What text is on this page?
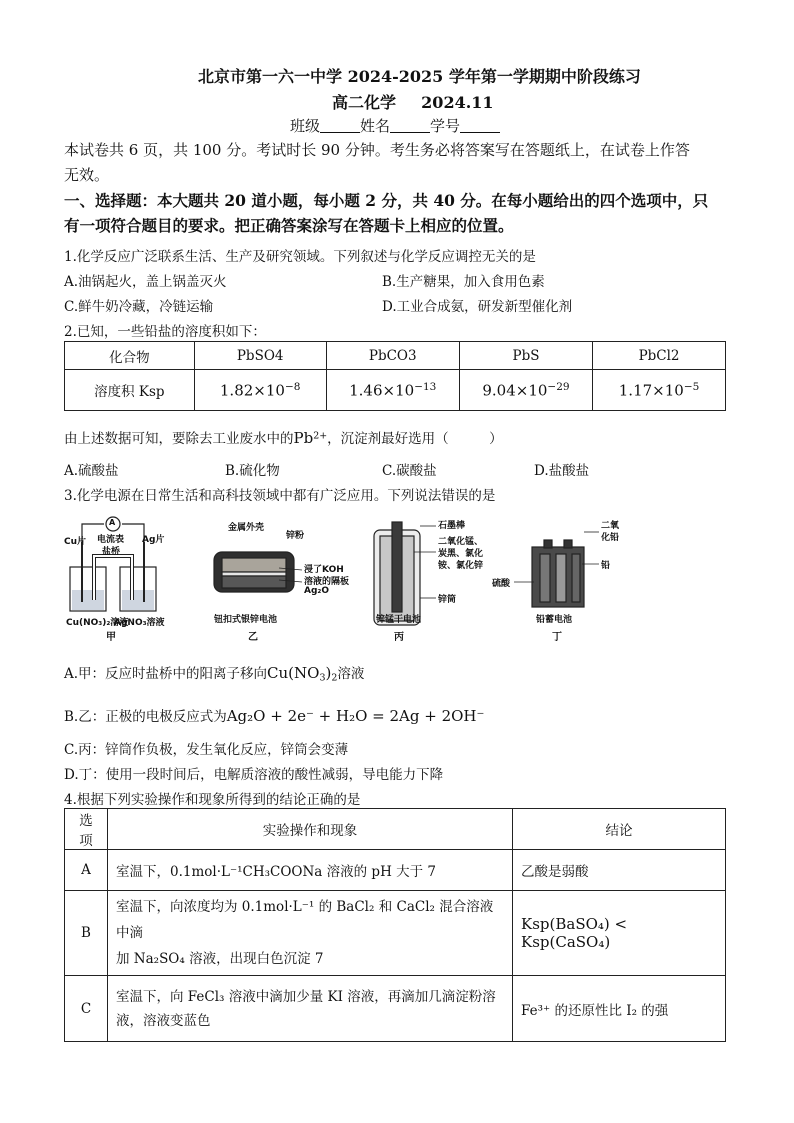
北京市第一六一中学 2024-2025 学年第一学期期中阶段练习
高二化学 2024.11
班级	姓名	学号
本试卷共 6 页，共 100 分。考试时长 90 分钟。考生务必将答案写在答题纸上，在试卷上作答
无效。
一、选择题：本大题共 20 道小题，每小题 2 分，共 40 分。在每小题给出的四个选项中，只
有一项符合题目的要求。把正确答案涂写在答题卡上相应的位置。
1.化学反应广泛联系生活、生产及研究领域。下列叙述与化学反应调控无关的是
A.油锅起火，盖上锅盖灭火	B.生产糖果，加入食用色素
C.鲜牛奶冷藏，冷链运输	D.工业合成氨，研发新型催化剂
2.已知，一些铅盐的溶度积如下：
化合物	PbSO4	PbCO3	PbS	PbCl2
溶度积 Ksp	$1.82\times 10^{-8}$	$1.46\times 10^{-13}$	$9.04\times 10^{-29}$	$1.17\times 10^{-5}$
由上述数据可知，要除去工业废水中的$Pb^{2+}$，沉淀剂最好选用（　　　）
A.硫酸盐	B.硫化物	C.碳酸盐	D.盐酸盐
3.化学电源在日常生活和高科技领域中都有广泛应用。下列说法错误的是
A
电流表
Cu片	Ag片
盐桥
Cu(NO₃)₂溶液
AgNO₃溶液
甲
金属外壳
锌粉
浸了KOH
溶液的隔板
Ag₂O
钮扣式银锌电池
乙
石墨棒
二氧化锰、
炭黑、氯化
铵、氯化锌
锌筒
锌锰干电池
丙
二氧
化铅
铅
硫酸
铅蓄电池
丁
A.甲：反应时盐桥中的阳离子移向$Cu(NO_3)_2$溶液
B.乙：正极的电极反应式为Ag₂O + 2e⁻ + H₂O = 2Ag + 2OH⁻
C.丙：锌筒作负极，发生氧化反应，锌筒会变薄
D.丁：使用一段时间后，电解质溶液的酸性减弱，导电能力下降
4.根据下列实验操作和现象所得到的结论正确的是
选项	实验操作和现象	结论
A	室温下，0.1mol·L⁻¹CH₃COONa 溶液的 pH 大于 7	乙酸是弱酸
B	室温下，向浓度均为 0.1mol·L⁻¹ 的 BaCl₂ 和 CaCl₂ 混合溶液中滴
加 Na₂SO₄ 溶液，出现白色沉淀 7	Ksp(BaSO₄) < Ksp(CaSO₄)
C	室温下，向 FeCl₃ 溶液中滴加少量 KI 溶液，再滴加几滴淀粉溶
液，溶液变蓝色	Fe³⁺ 的还原性比 I₂ 的强
